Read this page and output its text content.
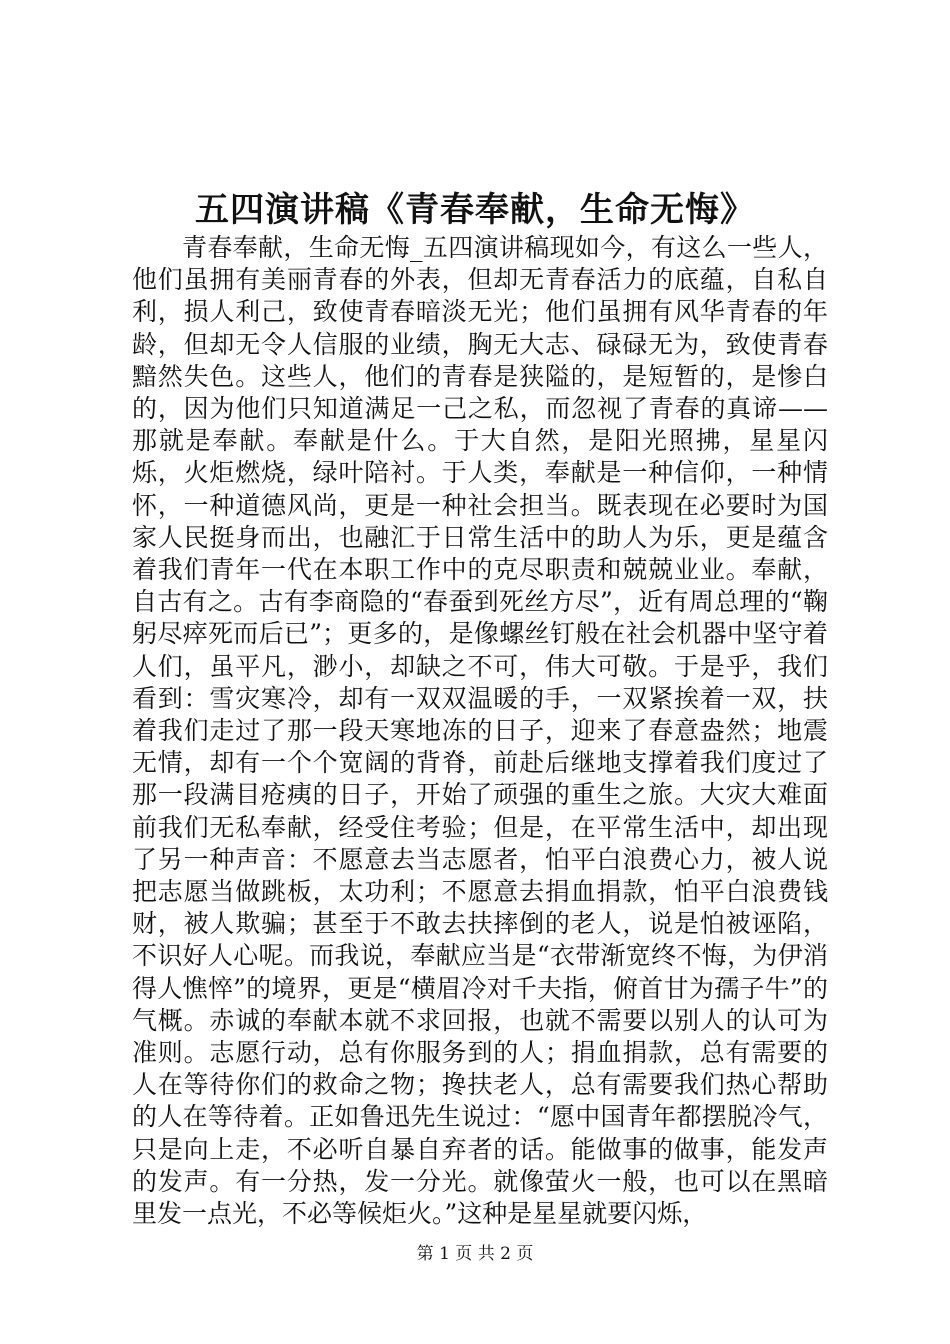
五四演讲稿《青春奉献，生命无悔》

青春奉献，生命无悔_五四演讲稿现如今，有这么一些人，他们虽拥有美丽青春的外表，但却无青春活力的底蕴，自私自利，损人利己，致使青春暗淡无光；他们虽拥有风华青春的年龄，但却无令人信服的业绩，胸无大志、碌碌无为，致使青春黯然失色。这些人，他们的青春是狭隘的，是短暂的，是惨白的，因为他们只知道满足一己之私，而忽视了青春的真谛——那就是奉献。奉献是什么。于大自然，是阳光照拂，星星闪烁，火炬燃烧，绿叶陪衬。于人类，奉献是一种信仰，一种情怀，一种道德风尚，更是一种社会担当。既表现在必要时为国家人民挺身而出，也融汇于日常生活中的助人为乐，更是蕴含着我们青年一代在本职工作中的克尽职责和兢兢业业。奉献，自古有之。古有李商隐的“春蚕到死丝方尽”，近有周总理的“鞠躬尽瘁死而后已”；更多的，是像螺丝钉般在社会机器中坚守着人们，虽平凡，渺小，却缺之不可，伟大可敬。于是乎，我们看到：雪灾寒冷，却有一双双温暖的手，一双紧挨着一双，扶着我们走过了那一段天寒地冻的日子，迎来了春意盎然；地震无情，却有一个个宽阔的背脊，前赴后继地支撑着我们度过了那一段满目疮痍的日子，开始了顽强的重生之旅。大灾大难面前我们无私奉献，经受住考验；但是，在平常生活中，却出现了另一种声音：不愿意去当志愿者，怕平白浪费心力，被人说把志愿当做跳板，太功利；不愿意去捐血捐款，怕平白浪费钱财，被人欺骗；甚至于不敢去扶摔倒的老人，说是怕被诬陷，不识好人心呢。而我说，奉献应当是“衣带渐宽终不悔，为伊消得人憔悴”的境界，更是“横眉冷对千夫指，俯首甘为孺子牛”的气概。赤诚的奉献本就不求回报，也就不需要以别人的认可为准则。志愿行动，总有你服务到的人；捐血捐款，总有需要的人在等待你们的救命之物；搀扶老人，总有需要我们热心帮助的人在等待着。正如鲁迅先生说过：“愿中国青年都摆脱冷气，只是向上走，不必听自暴自弃者的话。能做事的做事，能发声的发声。有一分热，发一分光。就像萤火一般，也可以在黑暗里发一点光，不必等候炬火。”这种是星星就要闪烁，

第 1 页 共 2 页
